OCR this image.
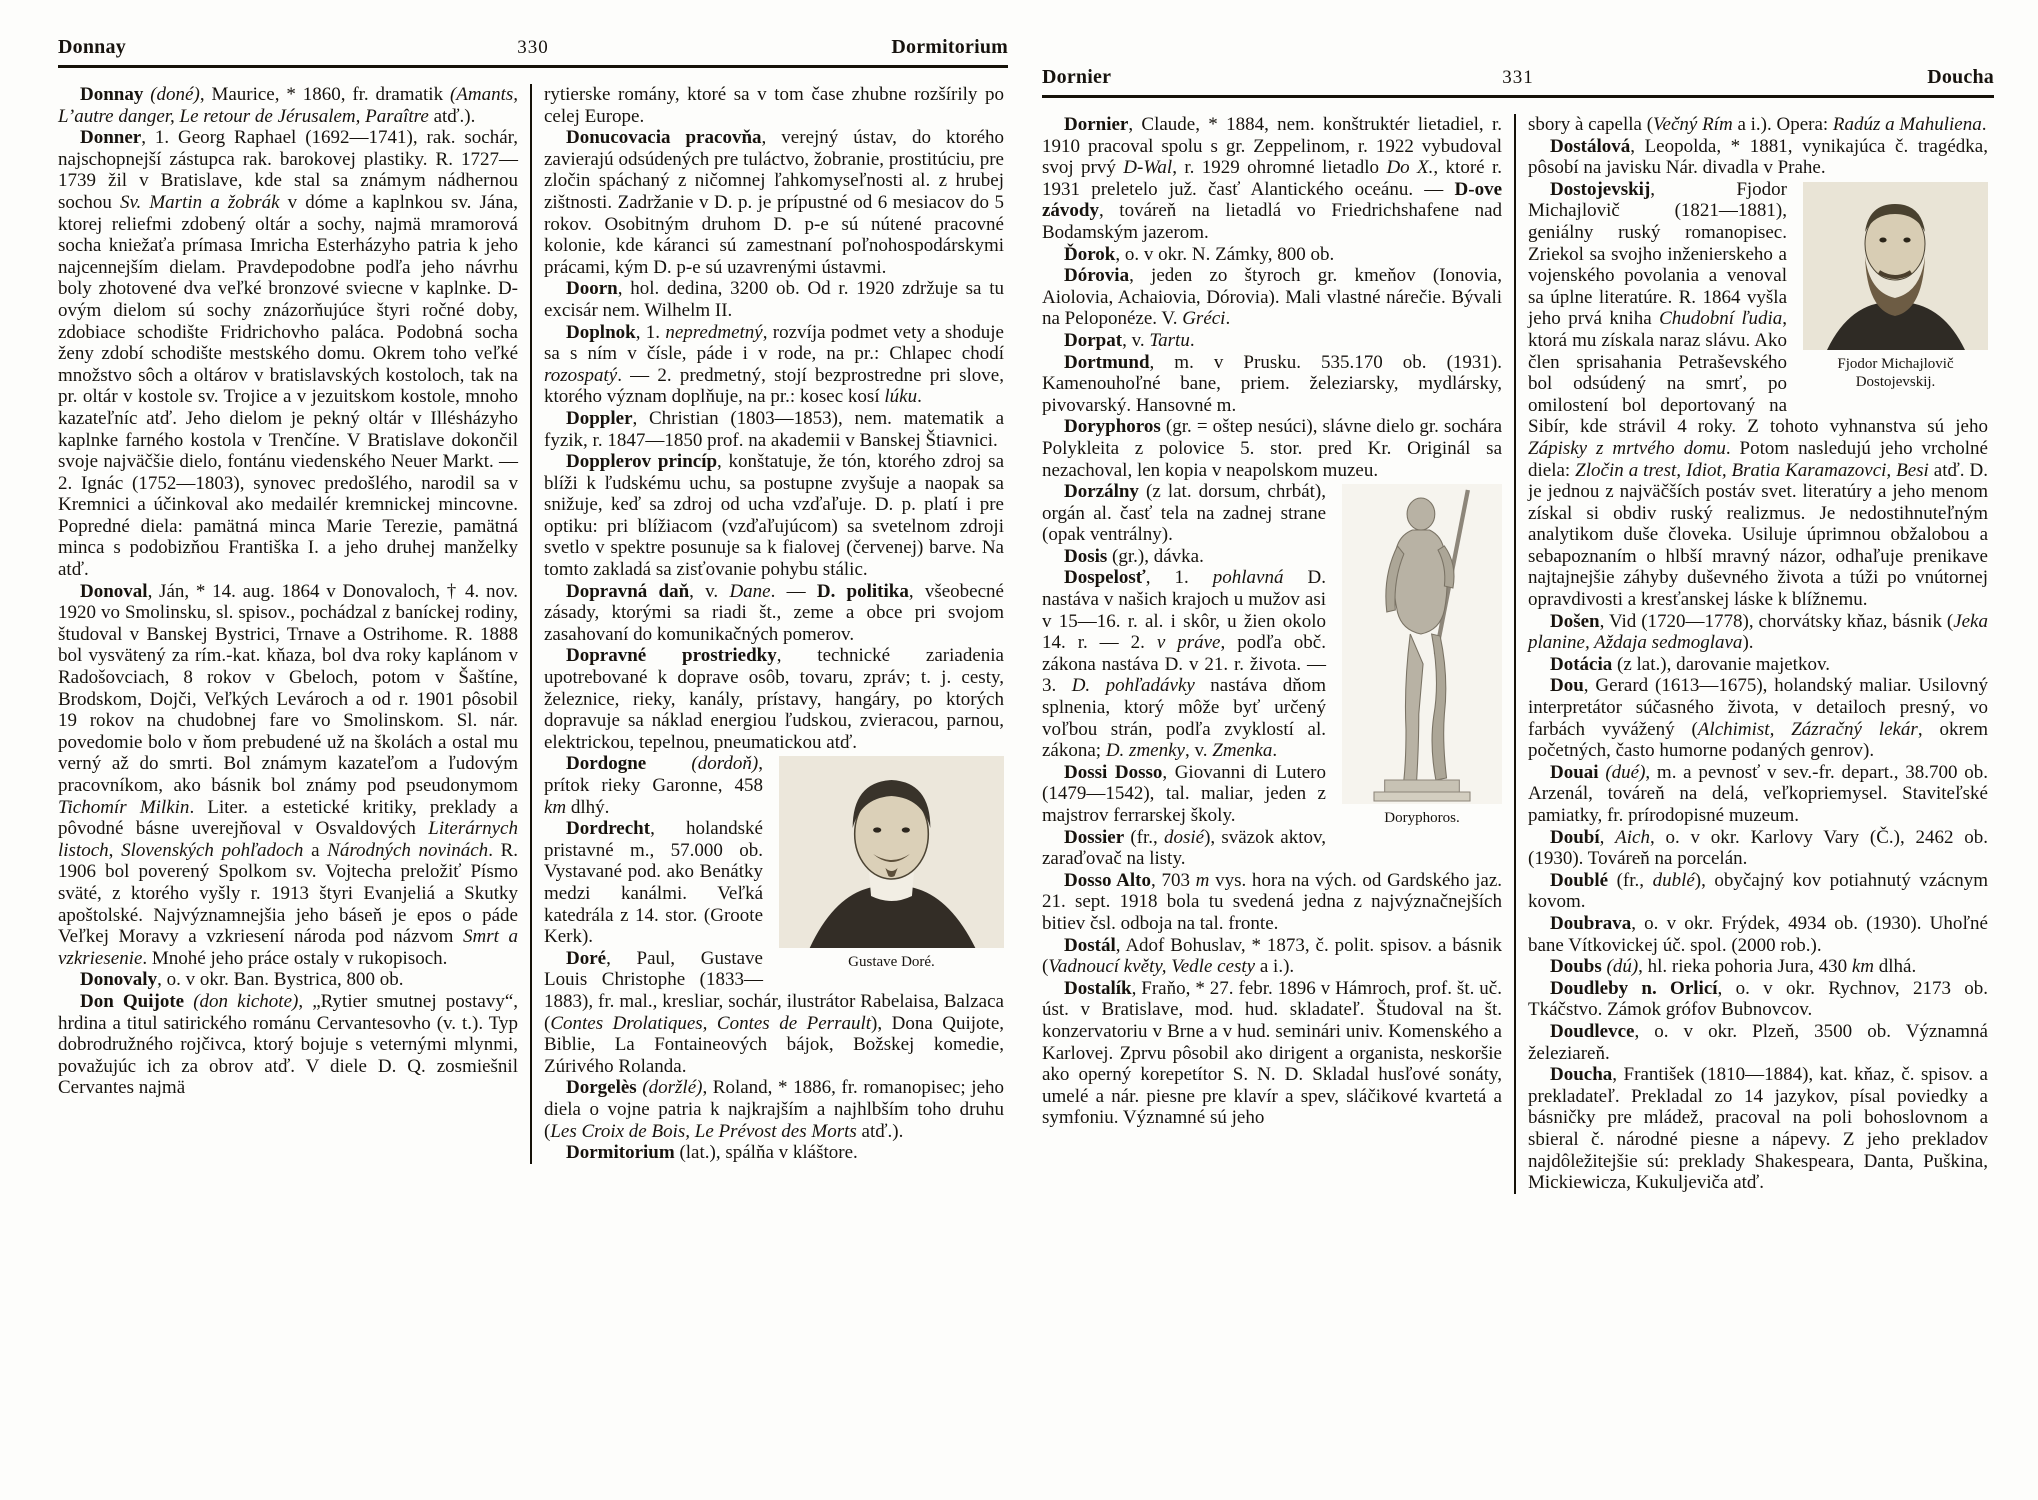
Donnay	330	Dormitorium

Donnay (doné), Maurice, * 1860, fr. dramatik (Amants, L’autre danger, Le retour de Jérusalem, Paraître atď.).

Donner, 1. Georg Raphael (1692—1741), rak. sochár, najschopnejší zástupca rak. barokovej plastiky. R. 1727—1739 žil v Bratislave, kde stal sa známym nádhernou sochou Sv. Martin a žobrák v dóme a kaplnkou sv. Jána, ktorej reliefmi zdobený oltár a sochy, najmä mramorová socha kniežaťa prímasa Imricha Esterházyho patria k jeho najcennejším dielam. Pravdepodobne podľa jeho návrhu boly zhotovené dva veľké bronzové sviecne v kaplnke. D-ovým dielom sú sochy znázorňujúce štyri ročné doby, zdobiace schodište Fridrichovho paláca. Podobná socha ženy zdobí schodište mestského domu. Okrem toho veľké množstvo sôch a oltárov v bratislavských kostoloch, tak na pr. oltár v kostole sv. Trojice a v jezuitskom kostole, mnoho kazateľníc atď. Jeho dielom je pekný oltár v Illésházyho kaplnke farného kostola v Trenčíne. V Bratislave dokončil svoje najväčšie dielo, fontánu viedenského Neuer Markt. — 2. Ignác (1752—1803), synovec predošlého, narodil sa v Kremnici a účinkoval ako medailér kremnickej mincovne. Popredné diela: pamätná minca Marie Terezie, pamätná minca s podobizňou Františka I. a jeho druhej manželky atď.

Donoval, Ján, * 14. aug. 1864 v Donovaloch, † 4. nov. 1920 vo Smolinsku, sl. spisov., pochádzal z baníckej rodiny, študoval v Banskej Bystrici, Trnave a Ostrihome. R. 1888 bol vysvätený za rím.-kat. kňaza, bol dva roky kaplánom v Radošovciach, 8 rokov v Gbeloch, potom v Šaštíne, Brodskom, Dojči, Veľkých Levároch a od r. 1901 pôsobil 19 rokov na chudobnej fare vo Smolinskom. Sl. nár. povedomie bolo v ňom prebudené už na školách a ostal mu verný až do smrti. Bol známym kazateľom a ľudovým pracovníkom, ako básnik bol známy pod pseudonymom Tichomír Milkin. Liter. a estetické kritiky, preklady a pôvodné básne uverejňoval v Osvaldových Literárnych listoch, Slovenských pohľadoch a Národných novinách. R. 1906 bol poverený Spolkom sv. Vojtecha preložiť Písmo sväté, z ktorého vyšly r. 1913 štyri Evanjeliá a Skutky apoštolské. Najvýznamnejšia jeho báseň je epos o páde Veľkej Moravy a vzkriesení národa pod názvom Smrt a vzkriesenie. Mnohé jeho práce ostaly v rukopisoch.

Donovaly, o. v okr. Ban. Bystrica, 800 ob.

Don Quijote (don kichote), „Rytier smutnej postavy“, hrdina a titul satirického románu Cervantesovho (v. t.). Typ dobrodružného rojčivca, ktorý bojuje s veternými mlynmi, považujúc ich za obrov atď. V diele D. Q. zosmiešnil Cervantes najmä

rytierske romány, ktoré sa v tom čase zhubne rozšírily po celej Europe.

Donucovacia pracovňa, verejný ústav, do ktorého zavierajú odsúdených pre tuláctvo, žobranie, prostitúciu, pre zločin spáchaný z ničomnej ľahkomyseľnosti al. z hrubej zištnosti. Zadržanie v D. p. je prípustné od 6 mesiacov do 5 rokov. Osobitným druhom D. p-e sú nútené pracovné kolonie, kde káranci sú zamestnaní poľnohospodárskymi prácami, kým D. p-e sú uzavrenými ústavmi.

Doorn, hol. dedina, 3200 ob. Od r. 1920 zdržuje sa tu excisár nem. Wilhelm II.

Doplnok, 1. nepredmetný, rozvíja podmet vety a shoduje sa s ním v čísle, páde i v rode, na pr.: Chlapec chodí rozospatý. — 2. predmetný, stojí bezprostredne pri slove, ktorého význam doplňuje, na pr.: kosec kosí lúku.

Doppler, Christian (1803—1853), nem. matematik a fyzik, r. 1847—1850 prof. na akademii v Banskej Štiavnici.

Dopplerov princíp, konštatuje, že tón, ktorého zdroj sa blíži k ľudskému uchu, sa postupne zvyšuje a naopak sa snižuje, keď sa zdroj od ucha vzďaľuje. D. p. platí i pre optiku: pri blížiacom (vzďaľujúcom) sa svetelnom zdroji svetlo v spektre posunuje sa k fialovej (červenej) barve. Na tomto zakladá sa zisťovanie pohybu stálic.

Dopravná daň, v. Dane. — D. politika, všeobecné zásady, ktorými sa riadi št., zeme a obce pri svojom zasahovaní do komunikačných pomerov.

Dopravné prostriedky, technické zariadenia upotrebované k doprave osôb, tovaru, zpráv; t. j. cesty, železnice, rieky, kanály, prístavy, hangáry, po ktorých dopravuje sa náklad energiou ľudskou, zvieracou, parnou, elektrickou, tepelnou, pneumatickou atď.

Gustave Doré.

Dordogne (dordoň), prítok rieky Garonne, 458 km dlhý.

Dordrecht, holandské pristavné m., 57.000 ob. Vystavané pod. ako Benátky medzi kanálmi. Veľká katedrála z 14. stor. (Groote Kerk).

Doré, Paul, Gustave Louis Christophe (1833—1883), fr. mal., kresliar, sochár, ilustrátor Rabelaisa, Balzaca (Contes Drolatiques, Contes de Perrault), Dona Quijote, Biblie, La Fontaineových bájok, Božskej komedie, Zúrivého Rolanda.

Dorgelès (doržlé), Roland, * 1886, fr. romanopisec; jeho diela o vojne patria k najkrajším a najhlbším toho druhu (Les Croix de Bois, Le Prévost des Morts atď.).

Dormitorium (lat.), spálňa v kláštore.

Dornier	331	Doucha

Dornier, Claude, * 1884, nem. konštruktér lietadiel, r. 1910 pracoval spolu s gr. Zeppelinom, r. 1922 vybudoval svoj prvý D-Wal, r. 1929 ohromné lietadlo Do X., ktoré r. 1931 preletelo juž. časť Alantického oceánu. — D-ove závody, továreň na lietadlá vo Friedrichshafene nad Bodamským jazerom.

Ďorok, o. v okr. N. Zámky, 800 ob.

Dórovia, jeden zo štyroch gr. kmeňov (Ionovia, Aiolovia, Achaiovia, Dórovia). Mali vlastné nárečie. Bývali na Peloponéze. V. Gréci.

Dorpat, v. Tartu.

Dortmund, m. v Prusku. 535.170 ob. (1931). Kamenouhoľné bane, priem. železiarsky, mydlársky, pivovarský. Hansovné m.

Doryphoros (gr. = oštep nesúci), slávne dielo gr. sochára Polykleita z polovice 5. stor. pred Kr. Originál sa nezachoval, len kopia v neapolskom muzeu.

Doryphoros.

Dorzálny (z lat. dorsum, chrbát), orgán al. časť tela na zadnej strane (opak ventrálny).

Dosis (gr.), dávka.

Dospelosť, 1. pohlavná D. nastáva v našich krajoch u mužov asi v 15—16. r. al. i skôr, u žien okolo 14. r. — 2. v práve, podľa obč. zákona nastáva D. v 21. r. života. — 3. D. pohľadávky nastáva dňom splnenia, ktorý môže byť určený voľbou strán, podľa zvyklostí al. zákona; D. zmenky, v. Zmenka.

Dossi Dosso, Giovanni di Lutero (1479—1542), tal. maliar, jeden z majstrov ferrarskej školy.

Dossier (fr., dosié), sväzok aktov, zaraďovač na listy.

Dosso Alto, 703 m vys. hora na vých. od Gardského jaz. 21. sept. 1918 bola tu svedená jedna z najvýznačnejších bitiev čsl. odboja na tal. fronte.

Dostál, Adof Bohuslav, * 1873, č. polit. spisov. a básnik (Vadnoucí květy, Vedle cesty a i.).

Dostalík, Fraňo, * 27. febr. 1896 v Hámroch, prof. št. uč. úst. v Bratislave, mod. hud. skladateľ. Študoval na št. konzervatoriu v Brne a v hud. seminári univ. Komenského a Karlovej. Zprvu pôsobil ako dirigent a organista, neskoršie ako operný korepetítor S. N. D. Skladal husľové sonáty, umelé a nár. piesne pre klavír a spev, sláčikové kvartetá a symfoniu. Významné sú jeho

sbory à capella (Večný Rím a i.). Opera: Radúz a Mahuliena.

Dostálová, Leopolda, * 1881, vynikajúca č. tragédka, pôsobí na javisku Nár. divadla v Prahe.

Fjodor Michajlovič Dostojevskij.

Dostojevskij, Fjodor Michajlovič (1821—1881), geniálny ruský romanopisec. Zriekol sa svojho inženierskeho a vojenského povolania a venoval sa úplne literatúre. R. 1864 vyšla jeho prvá kniha Chudobní ľudia, ktorá mu získala naraz slávu. Ako člen sprisahania Petraševského bol odsúdený na smrť, po omilostení bol deportovaný na Sibír, kde strávil 4 roky. Z tohoto vyhnanstva sú jeho Zápisky z mrtvého domu. Potom nasledujú jeho vrcholné diela: Zločin a trest, Idiot, Bratia Karamazovci, Besi atď. D. je jednou z najväčších postáv svet. literatúry a jeho menom získal si obdiv ruský realizmus. Je nedostihnuteľným analytikom duše človeka. Usiluje úprimnou obžalobou a sebapoznaním o hlbší mravný názor, odhaľuje prenikave najtajnejšie záhyby duševného života a túži po vnútornej opravdivosti a kresťanskej láske k blížnemu.

Došen, Vid (1720—1778), chorvátsky kňaz, básnik (Jeka planine, Aždaja sedmoglava).

Dotácia (z lat.), darovanie majetkov.

Dou, Gerard (1613—1675), holandský maliar. Usilovný interpretátor súčasného života, v detailoch presný, vo farbách vyvážený (Alchimist, Zázračný lekár, okrem početných, často humorne podaných genrov).

Douai (dué), m. a pevnosť v sev.-fr. depart., 38.700 ob. Arzenál, továreň na delá, veľkopriemysel. Staviteľské pamiatky, fr. prírodopisné muzeum.

Doubí, Aich, o. v okr. Karlovy Vary (Č.), 2462 ob. (1930). Továreň na porcelán.

Doublé (fr., dublé), obyčajný kov potiahnutý vzácnym kovom.

Doubrava, o. v okr. Frýdek, 4934 ob. (1930). Uhoľné bane Vítkovickej úč. spol. (2000 rob.).

Doubs (dú), hl. rieka pohoria Jura, 430 km dlhá.

Doudleby n. Orlicí, o. v okr. Rychnov, 2173 ob. Tkáčstvo. Zámok grófov Bubnovcov.

Doudlevce, o. v okr. Plzeň, 3500 ob. Významná železiareň.

Doucha, František (1810—1884), kat. kňaz, č. spisov. a prekladateľ. Prekladal zo 14 jazykov, písal poviedky a básničky pre mládež, pracoval na poli bohoslovnom a sbieral č. národné piesne a nápevy. Z jeho prekladov najdôležitejšie sú: preklady Shakespeara, Danta, Puškina, Mickiewicza, Kukuljeviča atď.
